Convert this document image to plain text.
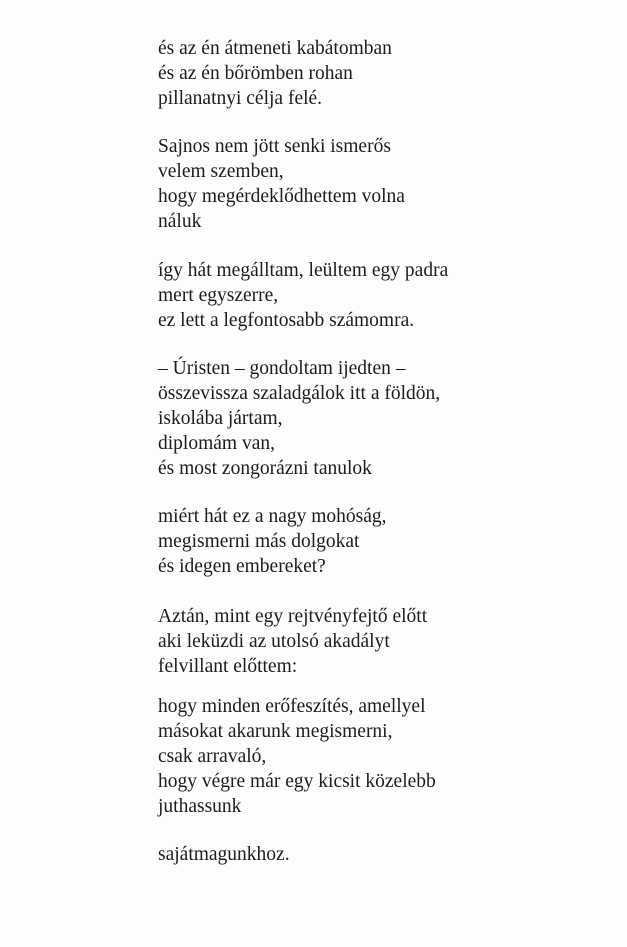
és az én átmeneti kabátomban
és az én bőrömben rohan
pillanatnyi célja felé.
Sajnos nem jött senki ismerős
velem szemben,
hogy megérdeklődhettem volna
náluk
így hát megálltam, leültem egy padra
mert egyszerre,
ez lett a legfontosabb számomra.
– Úristen – gondoltam ijedten –
összevissza szaladgálok itt a földön,
iskolába jártam,
diplomám van,
és most zongorázni tanulok
miért hát ez a nagy mohóság,
megismerni más dolgokat
és idegen embereket?
Aztán, mint egy rejtvényfejtő előtt
aki leküzdi az utolsó akadályt
felvillant előttem:
hogy minden erőfeszítés, amellyel
másokat akarunk megismerni,
csak arravaló,
hogy végre már egy kicsit közelebb
juthassunk
sajátmagunkhoz.
